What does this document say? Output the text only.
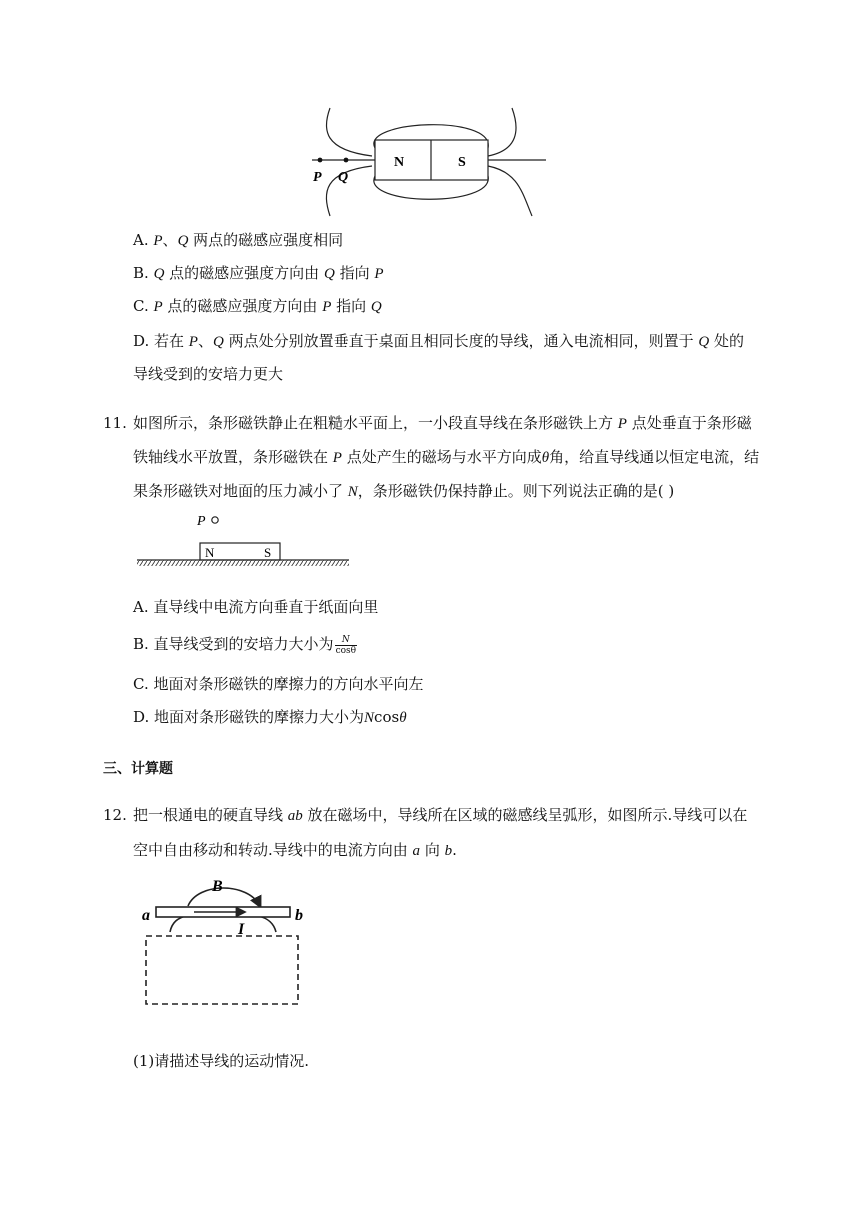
N	S
P Q
A. P、Q 两点的磁感应强度相同
B. Q 点的磁感应强度方向由 Q 指向 P
C. P 点的磁感应强度方向由 P 指向 Q
D. 若在 P、Q 两点处分别放置垂直于桌面且相同长度的导线，通入电流相同，则置于 Q 处的
导线受到的安培力更大
11. 如图所示，条形磁铁静止在粗糙水平面上，一小段直导线在条形磁铁上方 P 点处垂直于条形磁
铁轴线水平放置，条形磁铁在 P 点处产生的磁场与水平方向成θ角，给直导线通以恒定电流，结
果条形磁铁对地面的压力减小了 N，条形磁铁仍保持静止。则下列说法正确的是( )
P
N	S
A. 直导线中电流方向垂直于纸面向里
B. 直导线受到的安培力大小为 $\frac{N}{\cos\theta}$
C. 地面对条形磁铁的摩擦力的方向水平向左
D. 地面对条形磁铁的摩擦力大小为Ncosθ
三、计算题
12. 把一根通电的硬直导线 ab 放在磁场中，导线所在区域的磁感线呈弧形，如图所示.导线可以在
空中自由移动和转动.导线中的电流方向由 a 向 b.
a	b
B
I
(1)请描述导线的运动情况.
